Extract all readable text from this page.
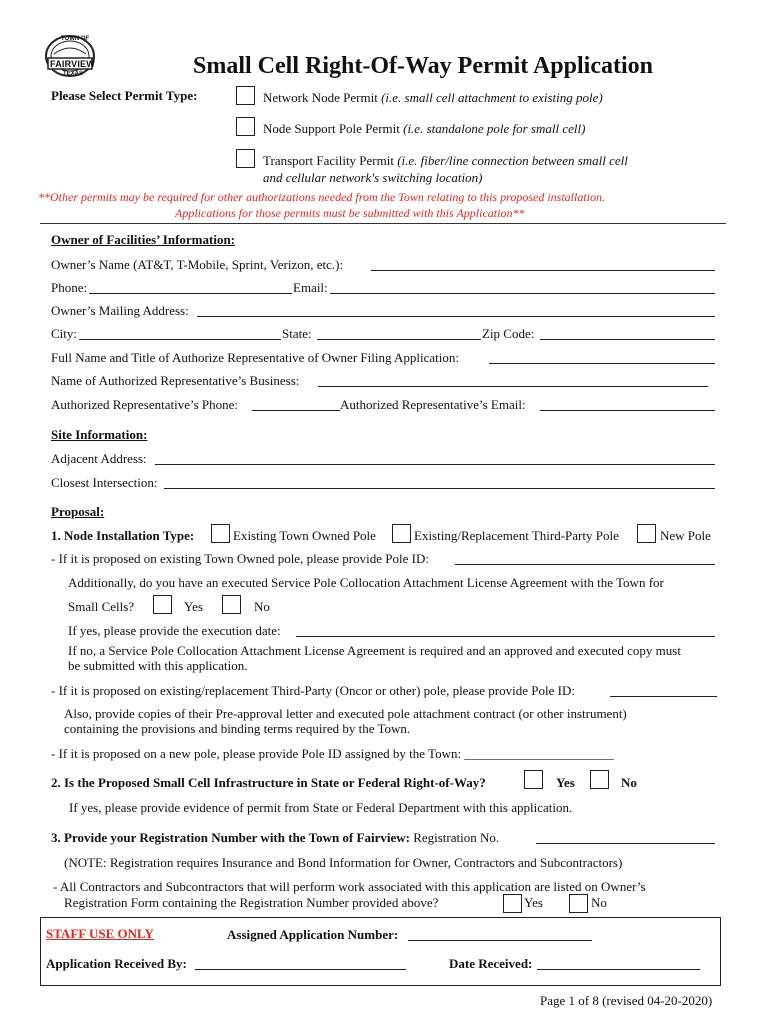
TOWN OF
FAIRVIEW
TEXAS	Small Cell Right-Of-Way Permit Application
Please Select Permit Type:	Network Node Permit (i.e. small cell attachment to existing pole)
Node Support Pole Permit (i.e. standalone pole for small cell)
Transport Facility Permit (i.e. fiber/line connection between small cell
and cellular network's switching location)
**Other permits may be required for other authorizations needed from the Town relating to this proposed installation.
Applications for those permits must be submitted with this Application**
Owner of Facilities’ Information:
Owner’s Name (AT&T, T-Mobile, Sprint, Verizon, etc.):
Phone:	Email:
Owner’s Mailing Address:
City:	State:	Zip Code:
Full Name and Title of Authorize Representative of Owner Filing Application:
Name of Authorized Representative’s Business:
Authorized Representative’s Phone:	Authorized Representative’s Email:
Site Information:
Adjacent Address:
Closest Intersection:
Proposal:
1. Node Installation Type:	Existing Town Owned Pole	Existing/Replacement Third-Party Pole	New Pole
- If it is proposed on existing Town Owned pole, please provide Pole ID:
Additionally, do you have an executed Service Pole Collocation Attachment License Agreement with the Town for
Small Cells?	Yes	No
If yes, please provide the execution date:
If no, a Service Pole Collocation Attachment License Agreement is required and an approved and executed copy must
be submitted with this application.
- If it is proposed on existing/replacement Third-Party (Oncor or other) pole, please provide Pole ID:
Also, provide copies of their Pre-approval letter and executed pole attachment contract (or other instrument)
containing the provisions and binding terms required by the Town.
- If it is proposed on a new pole, please provide Pole ID assigned by the Town: _______________________
2. Is the Proposed Small Cell Infrastructure in State or Federal Right-of-Way?	Yes	No
If yes, please provide evidence of permit from State or Federal Department with this application.
3. Provide your Registration Number with the Town of Fairview: Registration No.
(NOTE: Registration requires Insurance and Bond Information for Owner, Contractors and Subcontractors)
- All Contractors and Subcontractors that will perform work associated with this application are listed on Owner’s
Registration Form containing the Registration Number provided above?	Yes	No
STAFF USE ONLY	Assigned Application Number:
Application Received By:	Date Received:
Page 1 of 8 (revised 04-20-2020)
